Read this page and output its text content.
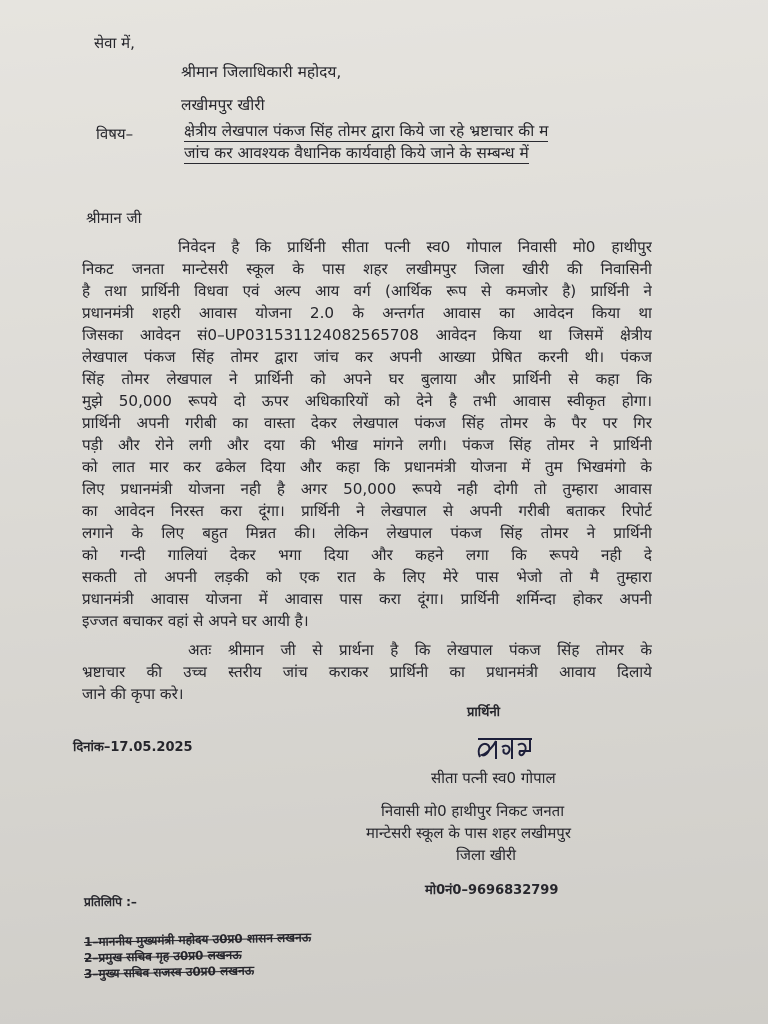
सेवा में,
श्रीमान जिलाधिकारी महोदय,
लखीमपुर खीरी
विषय–	क्षेत्रीय लेखपाल पंकज सिंह तोमर द्वारा किये जा रहे भ्रष्टाचार की म
जांच कर आवश्यक वैधानिक कार्यवाही किये जाने के सम्बन्ध में
श्रीमान जी
निवेदन है कि प्रार्थिनी सीता पत्नी स्व0 गोपाल निवासी मो0 हाथीपुर
निकट जनता मान्टेसरी स्कूल के पास शहर लखीमपुर जिला खीरी की निवासिनी
है तथा प्रार्थिनी विधवा एवं अल्प आय वर्ग (आर्थिक रूप से कमजोर है) प्रार्थिनी ने
प्रधानमंत्री शहरी आवास योजना 2.0 के अन्तर्गत आवास का आवेदन किया था
जिसका आवेदन सं0–UP031531124082565708 आवेदन किया था जिसमें क्षेत्रीय
लेखपाल पंकज सिंह तोमर द्वारा जांच कर अपनी आख्या प्रेषित करनी थी। पंकज
सिंह तोमर लेखपाल ने प्रार्थिनी को अपने घर बुलाया और प्रार्थिनी से कहा कि
मुझे 50,000 रूपये दो ऊपर अधिकारियों को देने है तभी आवास स्वीकृत होगा।
प्रार्थिनी अपनी गरीबी का वास्ता देकर लेखपाल पंकज सिंह तोमर के पैर पर गिर
पड़ी और रोने लगी और दया की भीख मांगने लगी। पंकज सिंह तोमर ने प्रार्थिनी
को लात मार कर ढकेल दिया और कहा कि प्रधानमंत्री योजना में तुम भिखमंगो के
लिए प्रधानमंत्री योजना नही है अगर 50,000 रूपये नही दोगी तो तुम्हारा आवास
का आवेदन निरस्त करा दूंगा। प्रार्थिनी ने लेखपाल से अपनी गरीबी बताकर रिपोर्ट
लगाने के लिए बहुत मिन्नत की। लेकिन लेखपाल पंकज सिंह तोमर ने प्रार्थिनी
को गन्दी गालियां देकर भगा दिया और कहने लगा कि रूपये नही दे
सकती तो अपनी लड़की को एक रात के लिए मेरे पास भेजो तो मै तुम्हारा
प्रधानमंत्री आवास योजना में आवास पास करा दूंगा। प्रार्थिनी शर्मिन्दा होकर अपनी
इज्जत बचाकर वहां से अपने घर आयी है।
अतः श्रीमान जी से प्रार्थना है कि लेखपाल पंकज सिंह तोमर के
भ्रष्टाचार की उच्च स्तरीय जांच कराकर प्रार्थिनी का प्रधानमंत्री आवाय दिलाये
जाने की कृपा करे।
प्रार्थिनी
दिनांक–17.05.2025
सीता पत्नी स्व0 गोपाल
निवासी मो0 हाथीपुर निकट जनता
मान्टेसरी स्कूल के पास शहर लखीमपुर
जिला खीरी
मो0नं0–9696832799
प्रतिलिपि :–
1–माननीय मुख्यमंत्री महोदय उ0प्र0 शासन लखनऊ
2–प्रमुख सचिव गृह उ0प्र0 लखनऊ
3–मुख्य सचिव राजस्व उ0प्र0 लखनऊ
